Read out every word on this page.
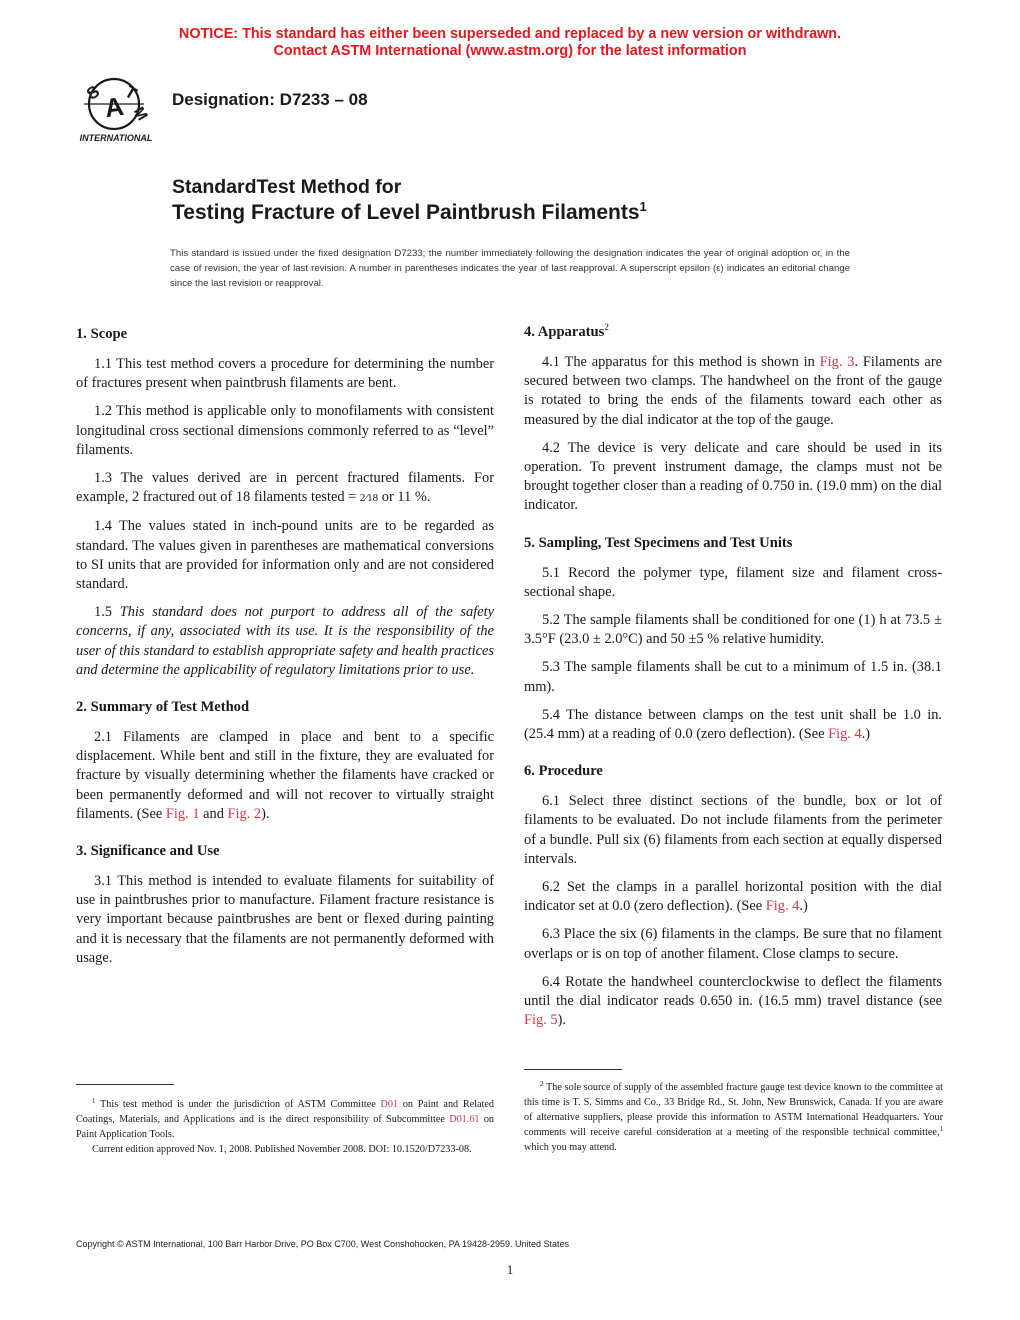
NOTICE: This standard has either been superseded and replaced by a new version or withdrawn.
Contact ASTM International (www.astm.org) for the latest information
A
S T
M
INTERNATIONAL
Designation: D7233 – 08
StandardTest Method for
Testing Fracture of Level Paintbrush Filaments$^1$
This standard is issued under the fixed designation D7233; the number immediately following the designation indicates the year of original adoption or, in the case of revision, the year of last revision. A number in parentheses indicates the year of last reapproval. A superscript epsilon (ε) indicates an editorial change since the last revision or reapproval.
1. Scope

1.1 This test method covers a procedure for determining the number of fractures present when paintbrush filaments are bent.

1.2 This method is applicable only to monofilaments with consistent longitudinal cross sectional dimensions commonly referred to as “level” filaments.

1.3 The values derived are in percent fractured filaments. For example, 2 fractured out of 18 filaments tested = 2⁄18 or 11 %.

1.4 The values stated in inch-pound units are to be regarded as standard. The values given in parentheses are mathematical conversions to SI units that are provided for information only and are not considered standard.

1.5 This standard does not purport to address all of the safety concerns, if any, associated with its use. It is the responsibility of the user of this standard to establish appropriate safety and health practices and determine the applicability of regulatory limitations prior to use.

2. Summary of Test Method

2.1 Filaments are clamped in place and bent to a specific displacement. While bent and still in the fixture, they are evaluated for fracture by visually determining whether the filaments have cracked or been permanently deformed and will not recover to virtually straight filaments. (See Fig. 1 and Fig. 2).

3. Significance and Use

3.1 This method is intended to evaluate filaments for suitability of use in paintbrushes prior to manufacture. Filament fracture resistance is very important because paintbrushes are bent or flexed during painting and it is necessary that the filaments are not permanently deformed with usage.

4. Apparatus$^2$

4.1 The apparatus for this method is shown in Fig. 3. Filaments are secured between two clamps. The handwheel on the front of the gauge is rotated to bring the ends of the filaments toward each other as measured by the dial indicator at the top of the gauge.

4.2 The device is very delicate and care should be used in its operation. To prevent instrument damage, the clamps must not be brought together closer than a reading of 0.750 in. (19.0 mm) on the dial indicator.

5. Sampling, Test Specimens and Test Units

5.1 Record the polymer type, filament size and filament cross-sectional shape.

5.2 The sample filaments shall be conditioned for one (1) h at 73.5 ± 3.5°F (23.0 ± 2.0°C) and 50 ±5 % relative humidity.

5.3 The sample filaments shall be cut to a minimum of 1.5 in. (38.1 mm).

5.4 The distance between clamps on the test unit shall be 1.0 in. (25.4 mm) at a reading of 0.0 (zero deflection). (See Fig. 4.)

6. Procedure

6.1 Select three distinct sections of the bundle, box or lot of filaments to be evaluated. Do not include filaments from the perimeter of a bundle. Pull six (6) filaments from each section at equally dispersed intervals.

6.2 Set the clamps in a parallel horizontal position with the dial indicator set at 0.0 (zero deflection). (See Fig. 4.)

6.3 Place the six (6) filaments in the clamps. Be sure that no filament overlaps or is on top of another filament. Close clamps to secure.

6.4 Rotate the handwheel counterclockwise to deflect the filaments until the dial indicator reads 0.650 in. (16.5 mm) travel distance (see Fig. 5).

$^1$ This test method is under the jurisdiction of ASTM Committee D01 on Paint and Related Coatings, Materials, and Applications and is the direct responsibility of Subcommittee D01.61 on Paint Application Tools.

Current edition approved Nov. 1, 2008. Published November 2008. DOI: 10.1520/D7233-08.

$^2$ The sole source of supply of the assembled fracture gauge test device known to the committee at this time is T. S. Simms and Co., 33 Bridge Rd., St. John, New Brunswick, Canada. If you are aware of alternative suppliers, please provide this information to ASTM International Headquarters. Your comments will receive careful consideration at a meeting of the responsible technical committee,$^1$ which you may attend.

Copyright © ASTM International, 100 Barr Harbor Drive, PO Box C700, West Conshohocken, PA 19428-2959. United States
1
